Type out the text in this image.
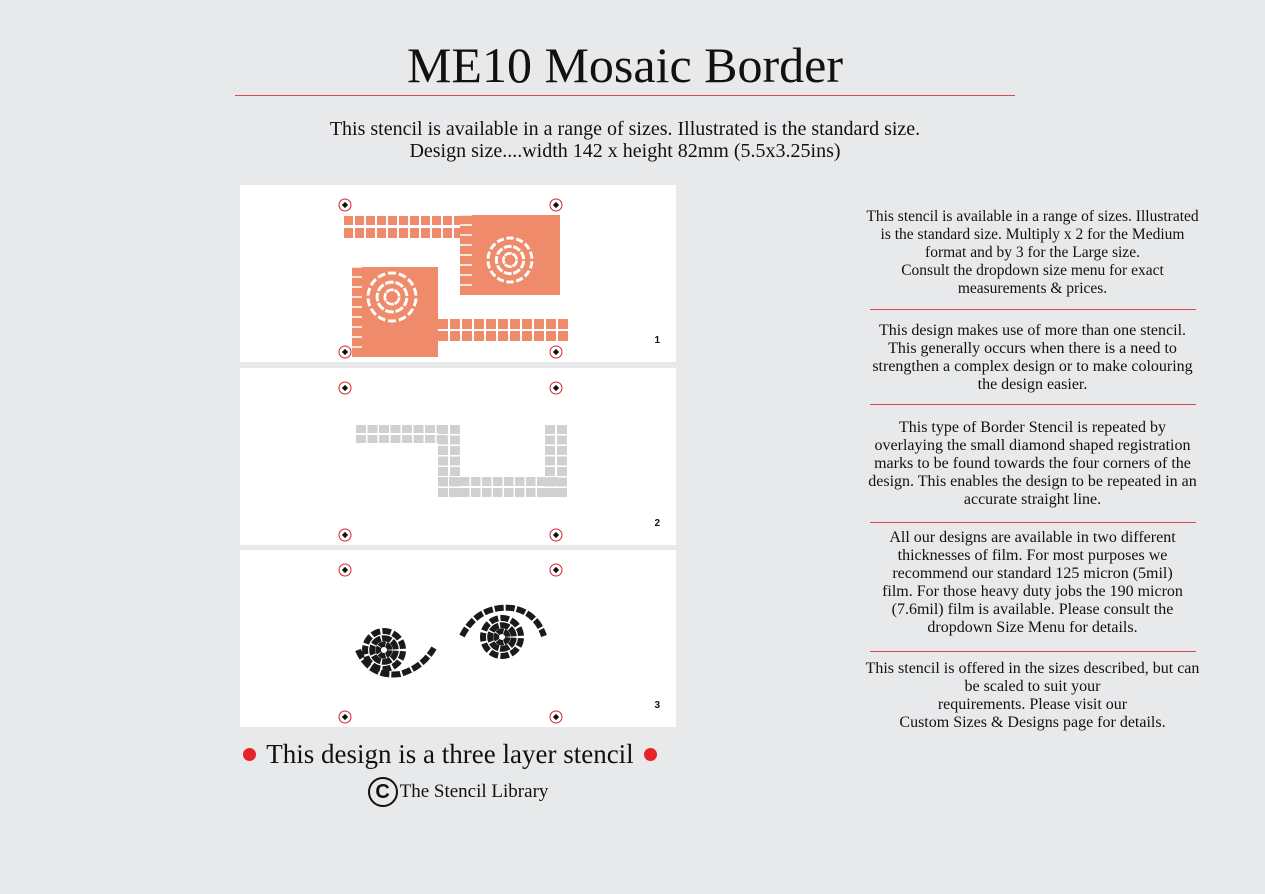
ME10 Mosaic Border
This stencil is available in a range of sizes. Illustrated is the standard size.
Design size....width 142 x height 82mm (5.5x3.25ins)
1
2
3
This design is a three layer stencil
C The Stencil Library
This stencil is available in a range of sizes. Illustrated
is the standard size. Multiply x 2 for the Medium
format and by 3 for the Large size.
Consult the dropdown size menu for exact
measurements & prices.
This design makes use of more than one stencil.
This generally occurs when there is a need to
strengthen a complex design or to make colouring
the design easier.
This type of Border Stencil is repeated by
overlaying the small diamond shaped registration
marks to be found towards the four corners of the
design. This enables the design to be repeated in an
accurate straight line.
All our designs are available in two different
thicknesses of film. For most purposes we
recommend our standard 125 micron (5mil)
film. For those heavy duty jobs the 190 micron
(7.6mil) film is available. Please consult the
dropdown Size Menu for details.
This stencil is offered in the sizes described, but can
be scaled to suit your
requirements. Please visit our
Custom Sizes & Designs page for details.
